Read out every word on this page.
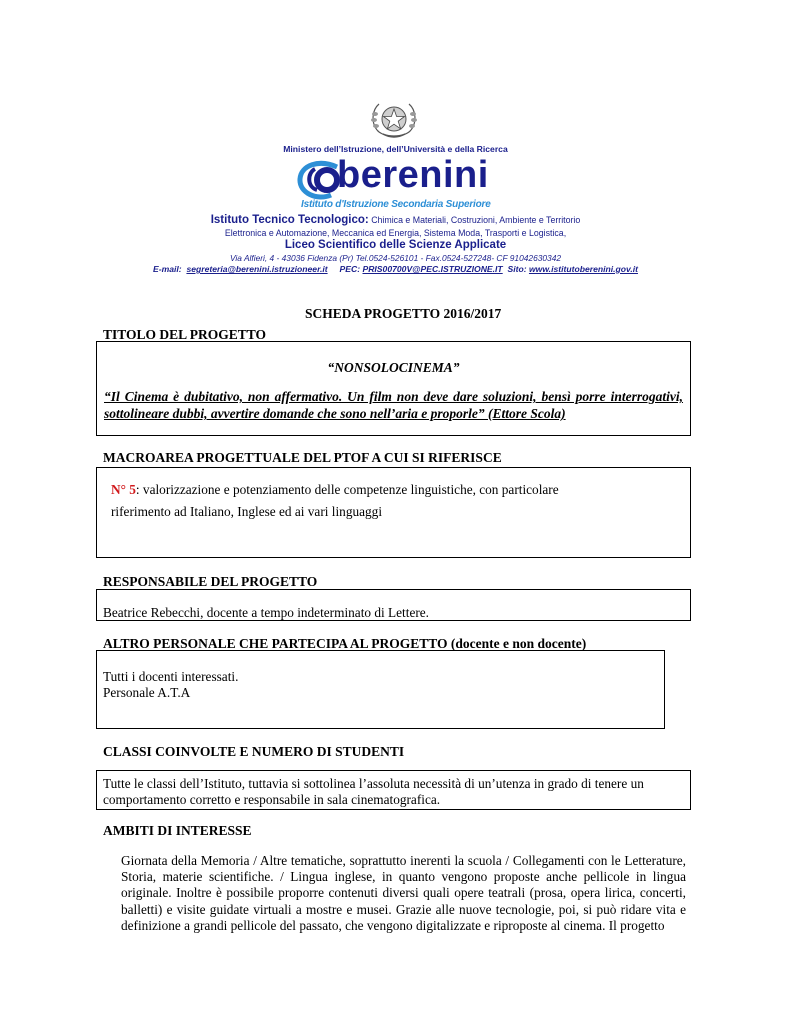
Ministero dell’Istruzione, dell’Università e della Ricerca
berenini
Istituto d'Istruzione Secondaria Superiore
Istituto Tecnico Tecnologico: Chimica e Materiali, Costruzioni, Ambiente e Territorio
Elettronica e Automazione, Meccanica ed Energia, Sistema Moda, Trasporti e Logistica,
Liceo Scientifico delle Scienze Applicate
Via Alfieri, 4 - 43036 Fidenza (Pr) Tel.0524-526101 - Fax.0524-527248- CF 91042630342
E-mail: segreteria@berenini.istruzioneer.it PEC: PRIS00700V@PEC.ISTRUZIONE.IT Sito: www.istitutoberenini.gov.it
SCHEDA PROGETTO 2016/2017
TITOLO DEL PROGETTO
“NONSOLOCINEMA”
“Il Cinema è dubitativo, non affermativo. Un film non deve dare soluzioni, bensì porre interrogativi, sottolineare dubbi, avvertire domande che sono nell’aria e proporle” (Ettore Scola)
MACROAREA PROGETTUALE DEL PTOF A CUI SI RIFERISCE
N° 5: valorizzazione e potenziamento delle competenze linguistiche, con particolare
riferimento ad Italiano, Inglese ed ai vari linguaggi
RESPONSABILE DEL PROGETTO
Beatrice Rebecchi, docente a tempo indeterminato di Lettere.
ALTRO PERSONALE CHE PARTECIPA AL PROGETTO (docente e non docente)
Tutti i docenti interessati.
Personale A.T.A
CLASSI COINVOLTE E NUMERO DI STUDENTI
Tutte le classi dell’Istituto, tuttavia si sottolinea l’assoluta necessità di un’utenza in grado di tenere un comportamento corretto e responsabile in sala cinematografica.
AMBITI DI INTERESSE
Giornata della Memoria / Altre tematiche, soprattutto inerenti la scuola / Collegamenti con le Letterature, Storia, materie scientifiche. / Lingua inglese, in quanto vengono proposte anche pellicole in lingua originale. Inoltre è possibile proporre contenuti diversi quali opere teatrali (prosa, opera lirica, concerti, balletti) e visite guidate virtuali a mostre e musei. Grazie alle nuove tecnologie, poi, si può ridare vita e definizione a grandi pellicole del passato, che vengono digitalizzate e riproposte al cinema. Il progetto
